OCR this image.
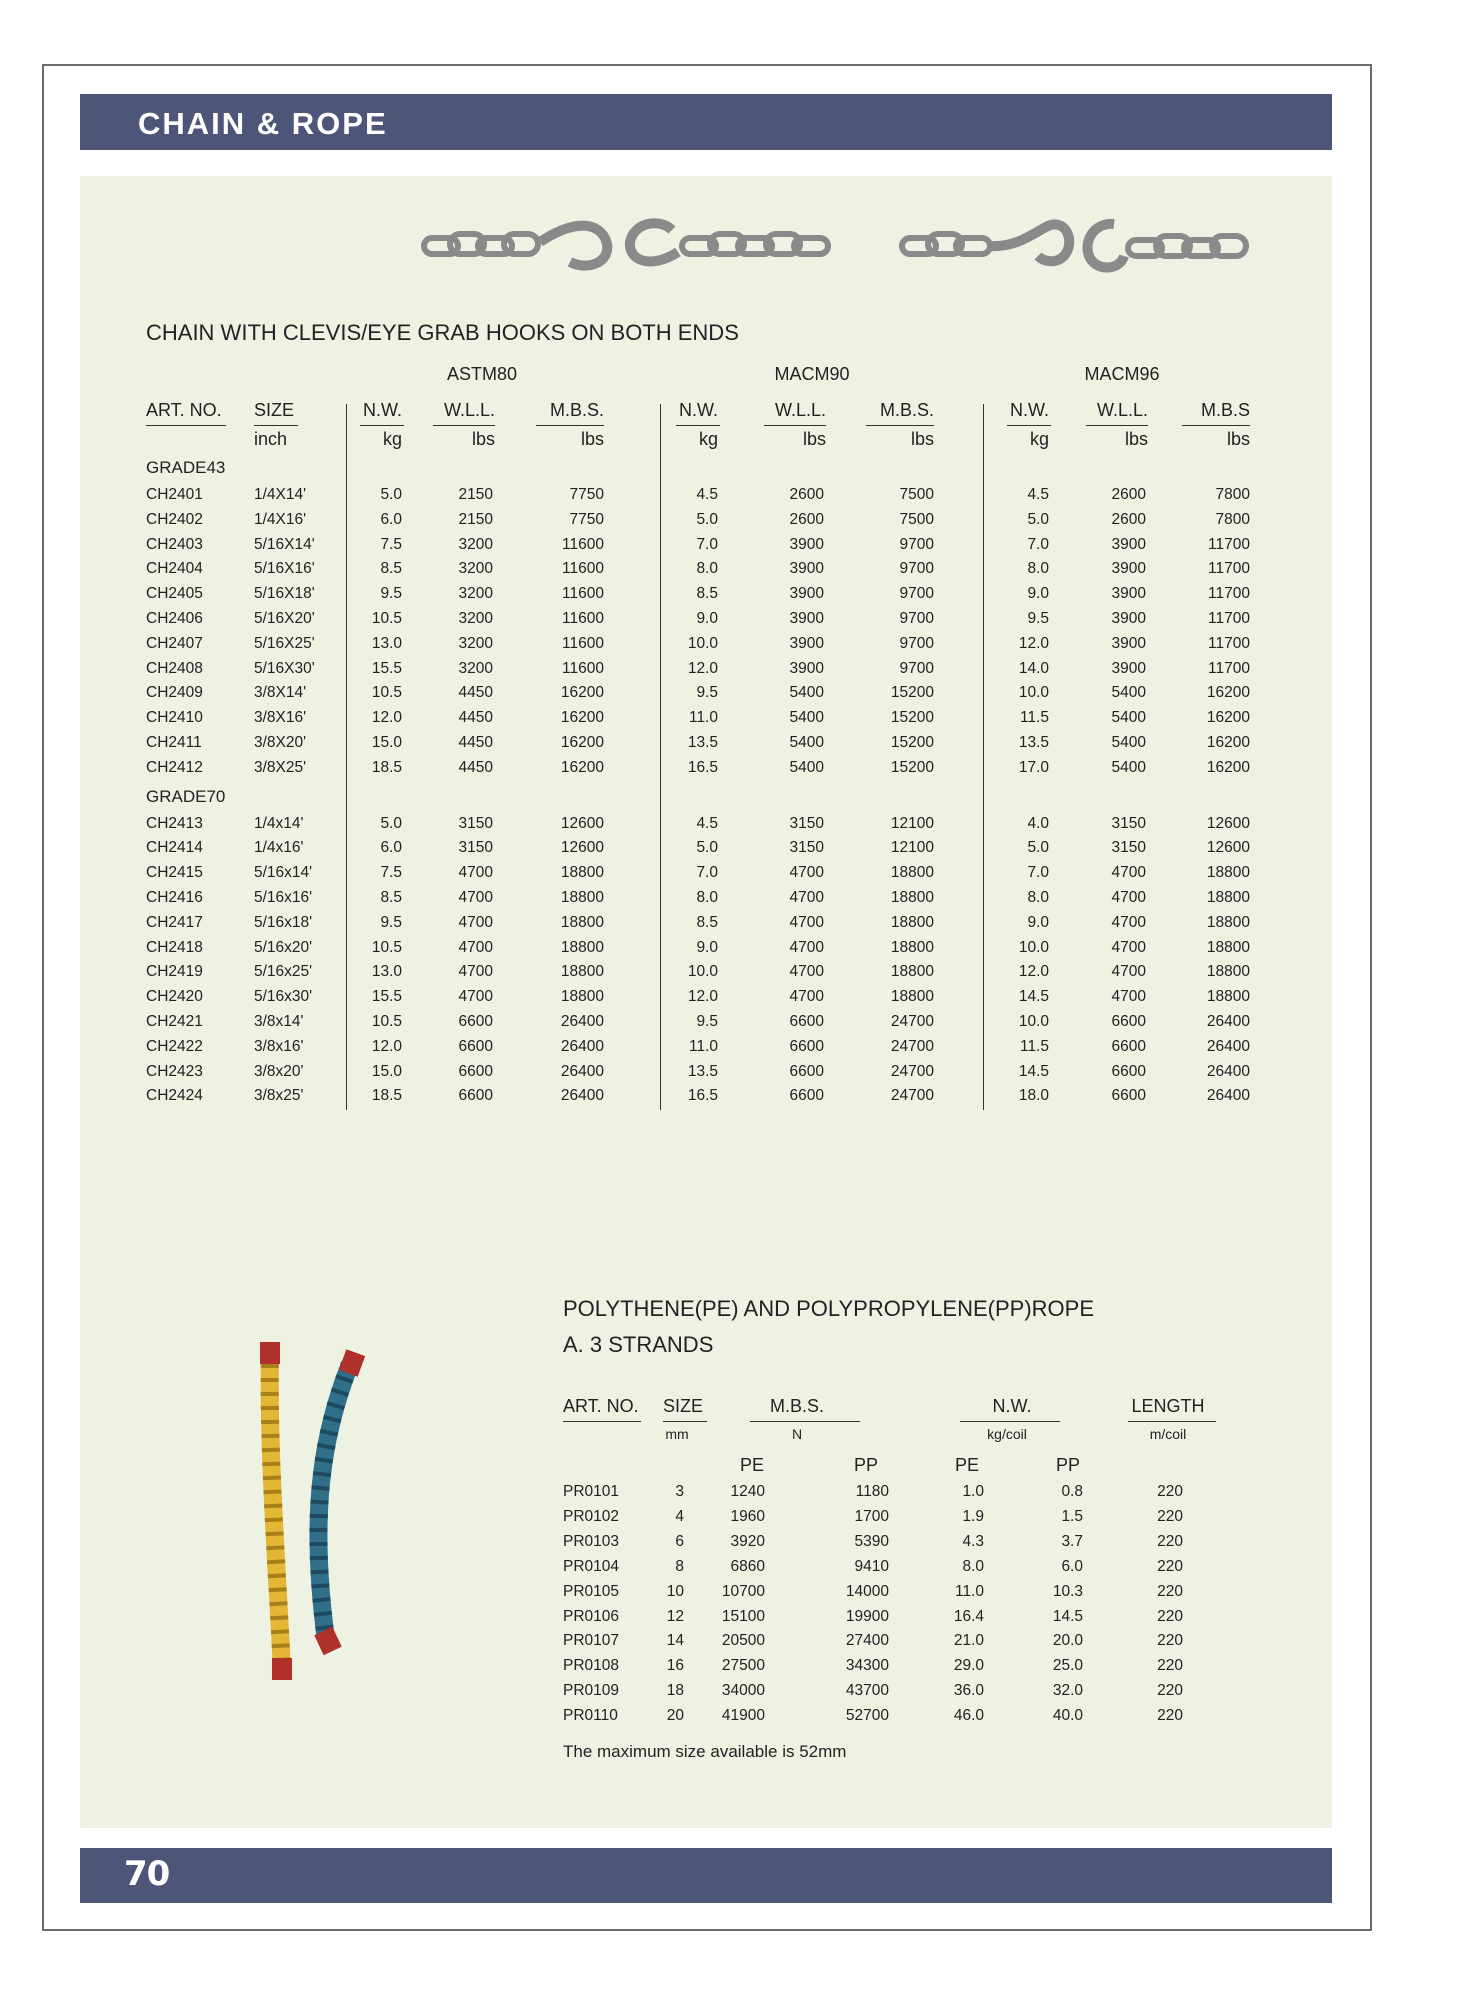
CHAIN & ROPE
CHAIN WITH CLEVIS/EYE GRAB HOOKS ON BOTH ENDS
ASTM80	MACM90	MACM96
ART. NO. SIZE
inch
N.W.	W.L.L.	M.B.S.
kg	lbs	lbs
N.W.	W.L.L.	M.B.S.
kg	lbs	lbs
N.W.	W.L.L.	M.B.S
kg	lbs	lbs
GRADE43
CH2401	1/4X14'	5.0	2150	7750	4.5	2600	7500	4.5	2600	7800
CH2402	1/4X16'	6.0	2150	7750	5.0	2600	7500	5.0	2600	7800
CH2403	5/16X14'	7.5	3200	11600	7.0	3900	9700	7.0	3900	11700
CH2404	5/16X16'	8.5	3200	11600	8.0	3900	9700	8.0	3900	11700
CH2405	5/16X18'	9.5	3200	11600	8.5	3900	9700	9.0	3900	11700
CH2406	5/16X20'	10.5	3200	11600	9.0	3900	9700	9.5	3900	11700
CH2407	5/16X25'	13.0	3200	11600	10.0	3900	9700	12.0	3900	11700
CH2408	5/16X30'	15.5	3200	11600	12.0	3900	9700	14.0	3900	11700
CH2409	3/8X14'	10.5	4450	16200	9.5	5400	15200	10.0	5400	16200
CH2410	3/8X16'	12.0	4450	16200	11.0	5400	15200	11.5	5400	16200
CH2411	3/8X20'	15.0	4450	16200	13.5	5400	15200	13.5	5400	16200
CH2412	3/8X25'	18.5	4450	16200	16.5	5400	15200	17.0	5400	16200
GRADE70
CH2413	1/4x14'	5.0	3150	12600	4.5	3150	12100	4.0	3150	12600
CH2414	1/4x16'	6.0	3150	12600	5.0	3150	12100	5.0	3150	12600
CH2415	5/16x14'	7.5	4700	18800	7.0	4700	18800	7.0	4700	18800
CH2416	5/16x16'	8.5	4700	18800	8.0	4700	18800	8.0	4700	18800
CH2417	5/16x18'	9.5	4700	18800	8.5	4700	18800	9.0	4700	18800
CH2418	5/16x20'	10.5	4700	18800	9.0	4700	18800	10.0	4700	18800
CH2419	5/16x25'	13.0	4700	18800	10.0	4700	18800	12.0	4700	18800
CH2420	5/16x30'	15.5	4700	18800	12.0	4700	18800	14.5	4700	18800
CH2421	3/8x14'	10.5	6600	26400	9.5	6600	24700	10.0	6600	26400
CH2422	3/8x16'	12.0	6600	26400	11.0	6600	24700	11.5	6600	26400
CH2423	3/8x20'	15.0	6600	26400	13.5	6600	24700	14.5	6600	26400
CH2424	3/8x25'	18.5	6600	26400	16.5	6600	24700	18.0	6600	26400
POLYTHENE(PE) AND POLYPROPYLENE(PP)ROPE
A. 3 STRANDS
ART. NO. SIZE	M.B.S.	N.W.	LENGTH
mm	N	kg/coil	m/coil
PE	PP	PE	PP
PR0101	3	1240	1180	1.0	0.8	220
PR0102	4	1960	1700	1.9	1.5	220
PR0103	6	3920	5390	4.3	3.7	220
PR0104	8	6860	9410	8.0	6.0	220
PR0105	10	10700	14000	11.0	10.3	220
PR0106	12	15100	19900	16.4	14.5	220
PR0107	14	20500	27400	21.0	20.0	220
PR0108	16	27500	34300	29.0	25.0	220
PR0109	18	34000	43700	36.0	32.0	220
PR0110	20	41900	52700	46.0	40.0	220
The maximum size available is 52mm
70
